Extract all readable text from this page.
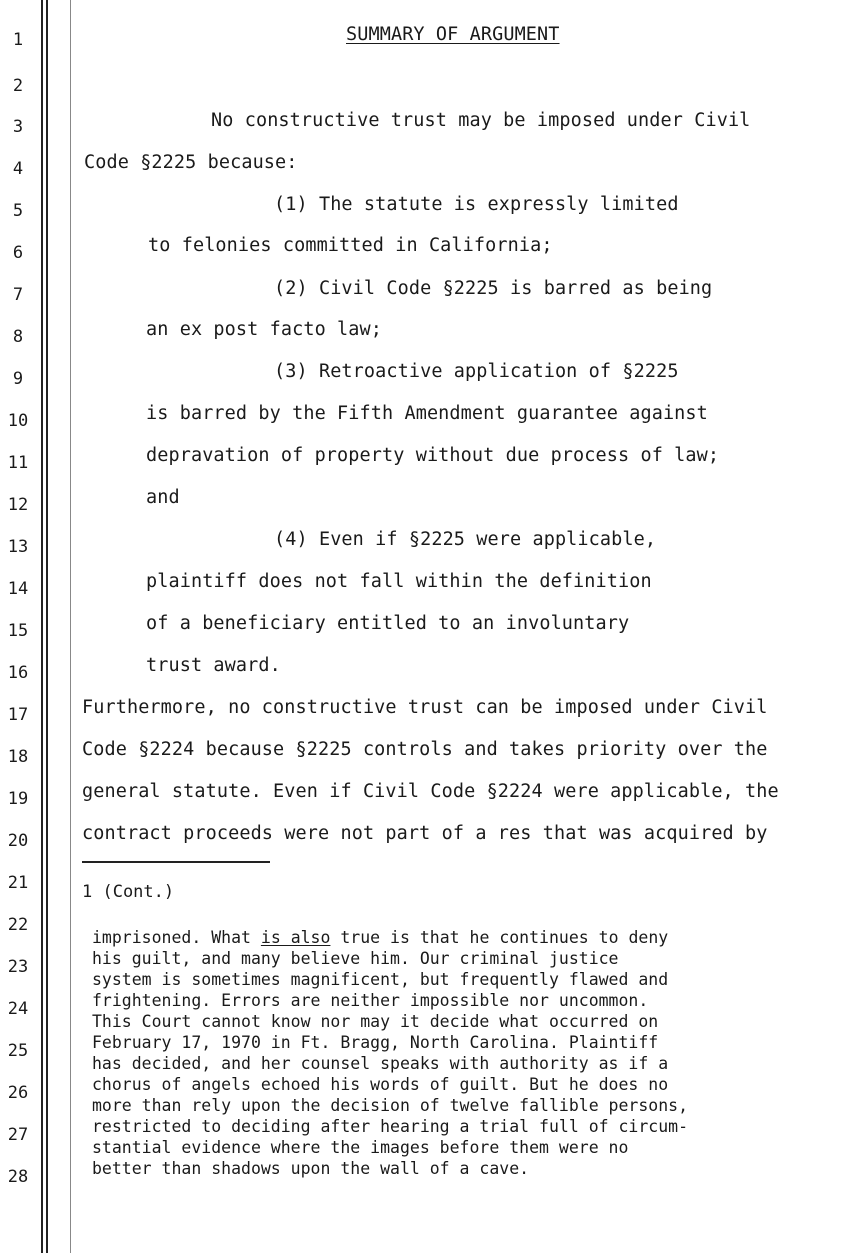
1
2
3
4
5
6
7
8
9
10
11
12
13
14
15
16
17
18
19
20
21
22
23
24
25
26
27
28
SUMMARY OF ARGUMENT
No constructive trust may be imposed under Civil
Code §2225 because:
(1) The statute is expressly limited
to felonies committed in California;
(2) Civil Code §2225 is barred as being
an ex post facto law;
(3) Retroactive application of §2225
is barred by the Fifth Amendment guarantee against
depravation of property without due process of law;
and
(4) Even if §2225 were applicable,
plaintiff does not fall within the definition
of a beneficiary entitled to an involuntary
trust award.
Furthermore, no constructive trust can be imposed under Civil
Code §2224 because §2225 controls and takes priority over the
general statute. Even if Civil Code §2224 were applicable, the
contract proceeds were not part of a res that was acquired by
1 (Cont.)
imprisoned. What is also true is that he continues to deny
his guilt, and many believe him. Our criminal justice
system is sometimes magnificent, but frequently flawed and
frightening. Errors are neither impossible nor uncommon.
This Court cannot know nor may it decide what occurred on
February 17, 1970 in Ft. Bragg, North Carolina. Plaintiff
has decided, and her counsel speaks with authority as if a
chorus of angels echoed his words of guilt. But he does no
more than rely upon the decision of twelve fallible persons,
restricted to deciding after hearing a trial full of circum-
stantial evidence where the images before them were no
better than shadows upon the wall of a cave.
